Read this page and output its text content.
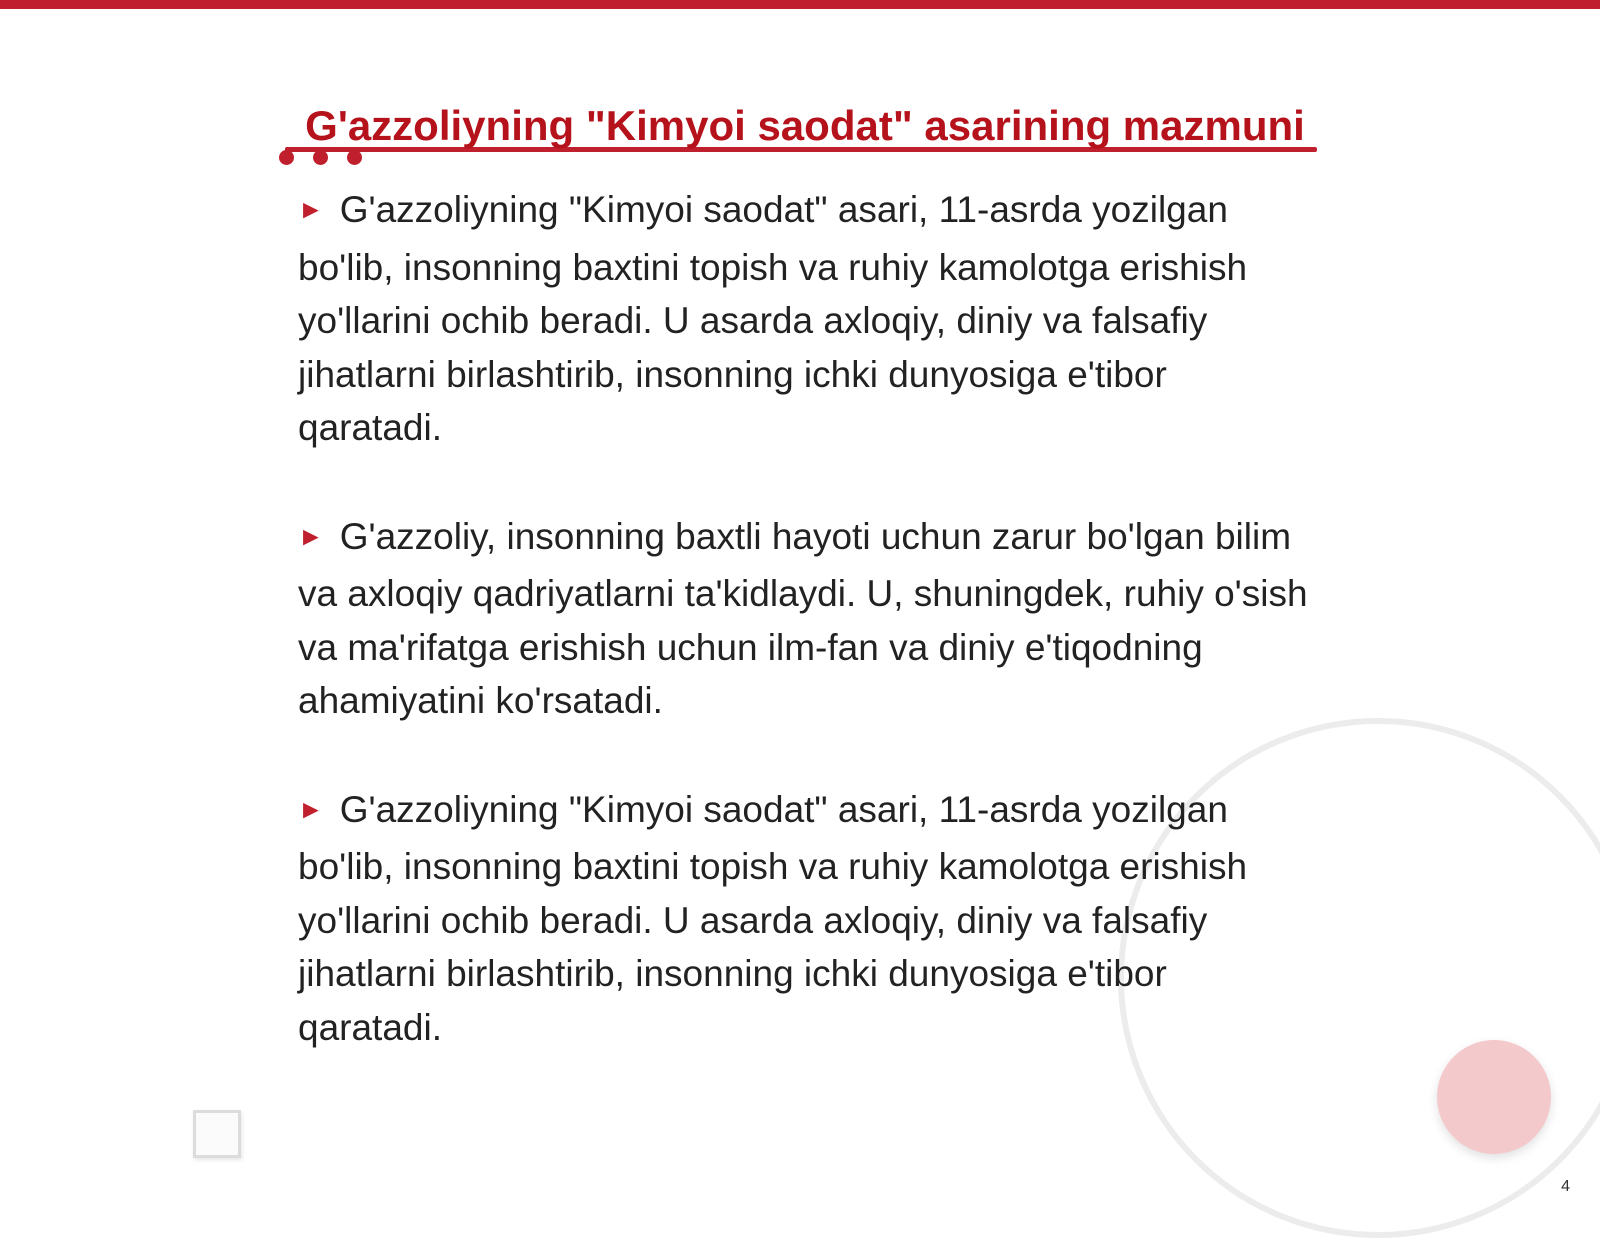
G'azzoliyning "Kimyoi saodat" asarining mazmuni

► G'azzoliyning "Kimyoi saodat" asari, 11-asrda yozilgan bo'lib, insonning baxtini topish va ruhiy kamolotga erishish yo'llarini ochib beradi. U asarda axloqiy, diniy va falsafiy jihatlarni birlashtirib, insonning ichki dunyosiga e'tibor qaratadi.

► G'azzoliy, insonning baxtli hayoti uchun zarur bo'lgan bilim va axloqiy qadriyatlarni ta'kidlaydi. U, shuningdek, ruhiy o'sish va ma'rifatga erishish uchun ilm-fan va diniy e'tiqodning ahamiyatini ko'rsatadi.

► G'azzoliyning "Kimyoi saodat" asari, 11-asrda yozilgan bo'lib, insonning baxtini topish va ruhiy kamolotga erishish yo'llarini ochib beradi. U asarda axloqiy, diniy va falsafiy jihatlarni birlashtirib, insonning ichki dunyosiga e'tibor qaratadi.

4
